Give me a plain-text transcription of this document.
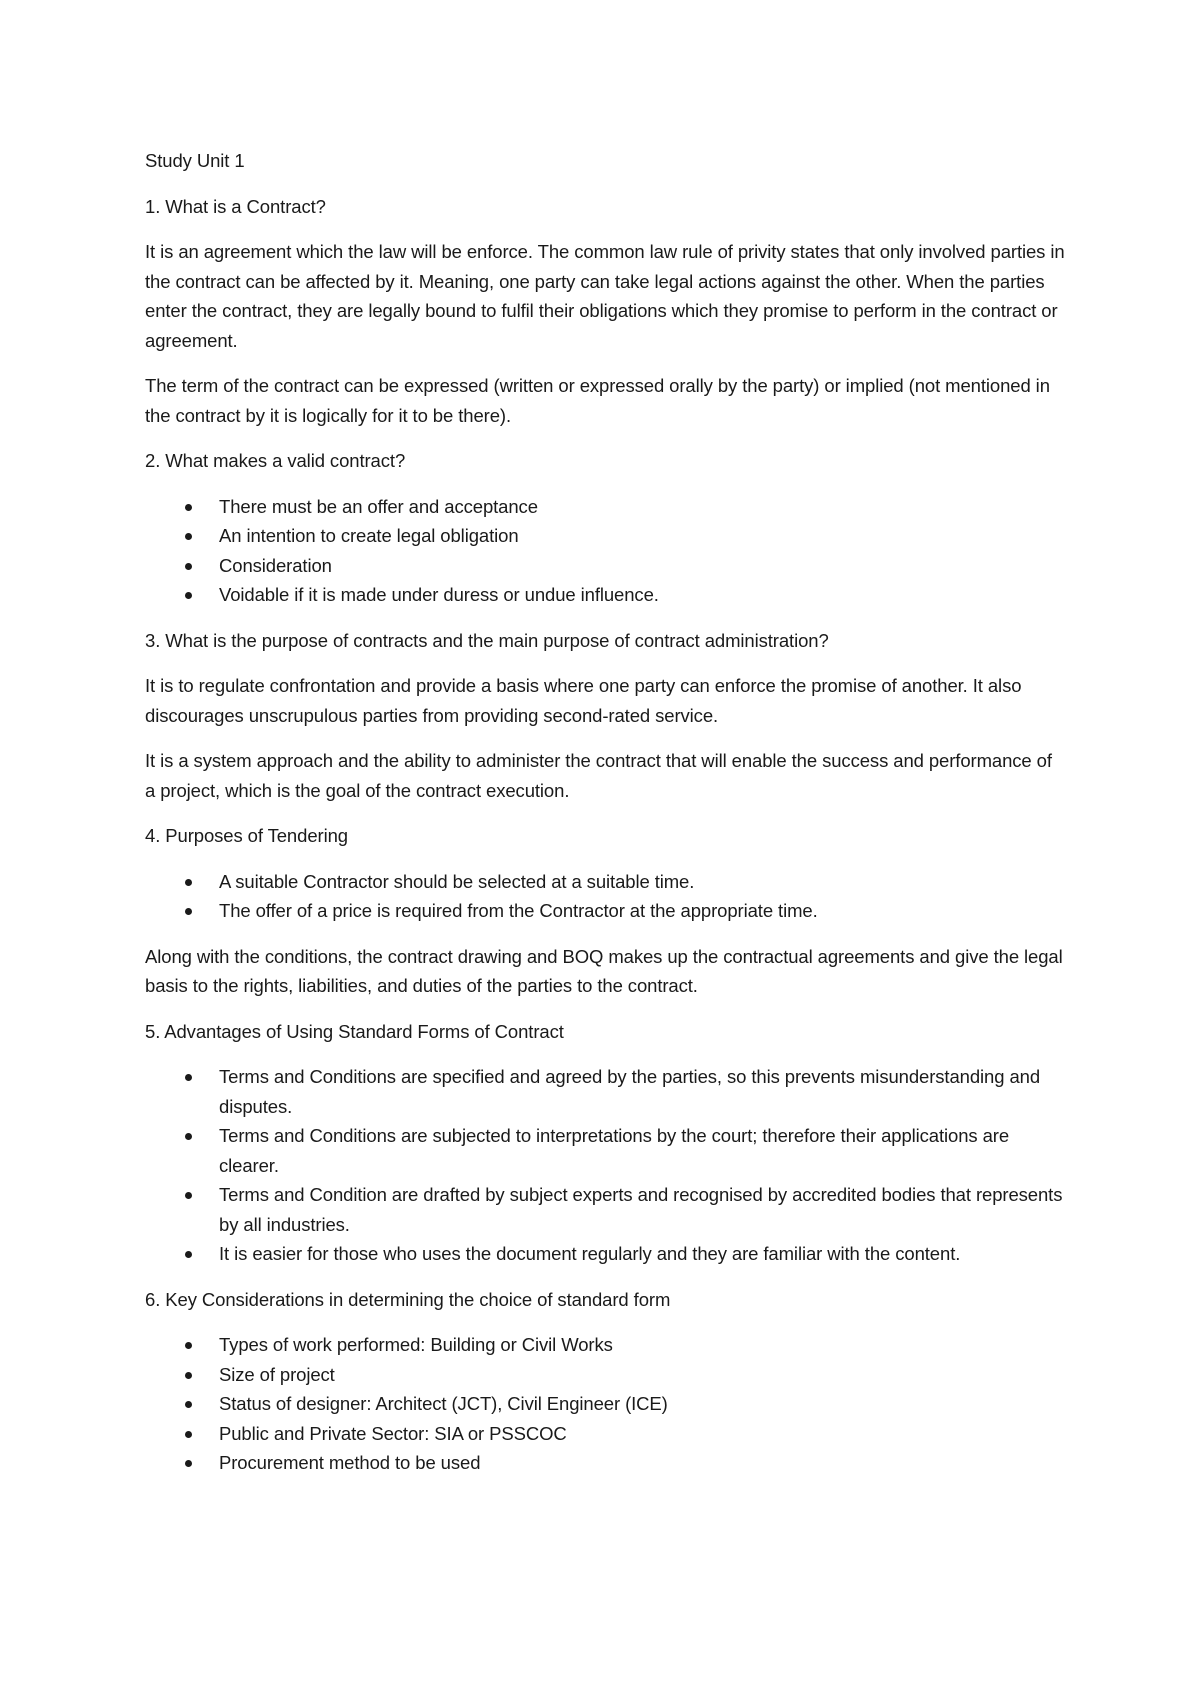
Study Unit 1

1. What is a Contract?

It is an agreement which the law will be enforce. The common law rule of privity states that only involved parties in the contract can be affected by it. Meaning, one party can take legal actions against the other. When the parties enter the contract, they are legally bound to fulfil their obligations which they promise to perform in the contract or agreement.

The term of the contract can be expressed (written or expressed orally by the party) or implied (not mentioned in the contract by it is logically for it to be there).

2. What makes a valid contract?

There must be an offer and acceptance
An intention to create legal obligation
Consideration
Voidable if it is made under duress or undue influence.

3. What is the purpose of contracts and the main purpose of contract administration?

It is to regulate confrontation and provide a basis where one party can enforce the promise of another. It also discourages unscrupulous parties from providing second-rated service.

It is a system approach and the ability to administer the contract that will enable the success and performance of a project, which is the goal of the contract execution.

4. Purposes of Tendering

A suitable Contractor should be selected at a suitable time.
The offer of a price is required from the Contractor at the appropriate time.

Along with the conditions, the contract drawing and BOQ makes up the contractual agreements and give the legal basis to the rights, liabilities, and duties of the parties to the contract.

5. Advantages of Using Standard Forms of Contract

Terms and Conditions are specified and agreed by the parties, so this prevents misunderstanding and disputes.
Terms and Conditions are subjected to interpretations by the court; therefore their applications are clearer.
Terms and Condition are drafted by subject experts and recognised by accredited bodies that represents by all industries.
It is easier for those who uses the document regularly and they are familiar with the content.

6. Key Considerations in determining the choice of standard form

Types of work performed: Building or Civil Works
Size of project
Status of designer: Architect (JCT), Civil Engineer (ICE)
Public and Private Sector: SIA or PSSCOC
Procurement method to be used
